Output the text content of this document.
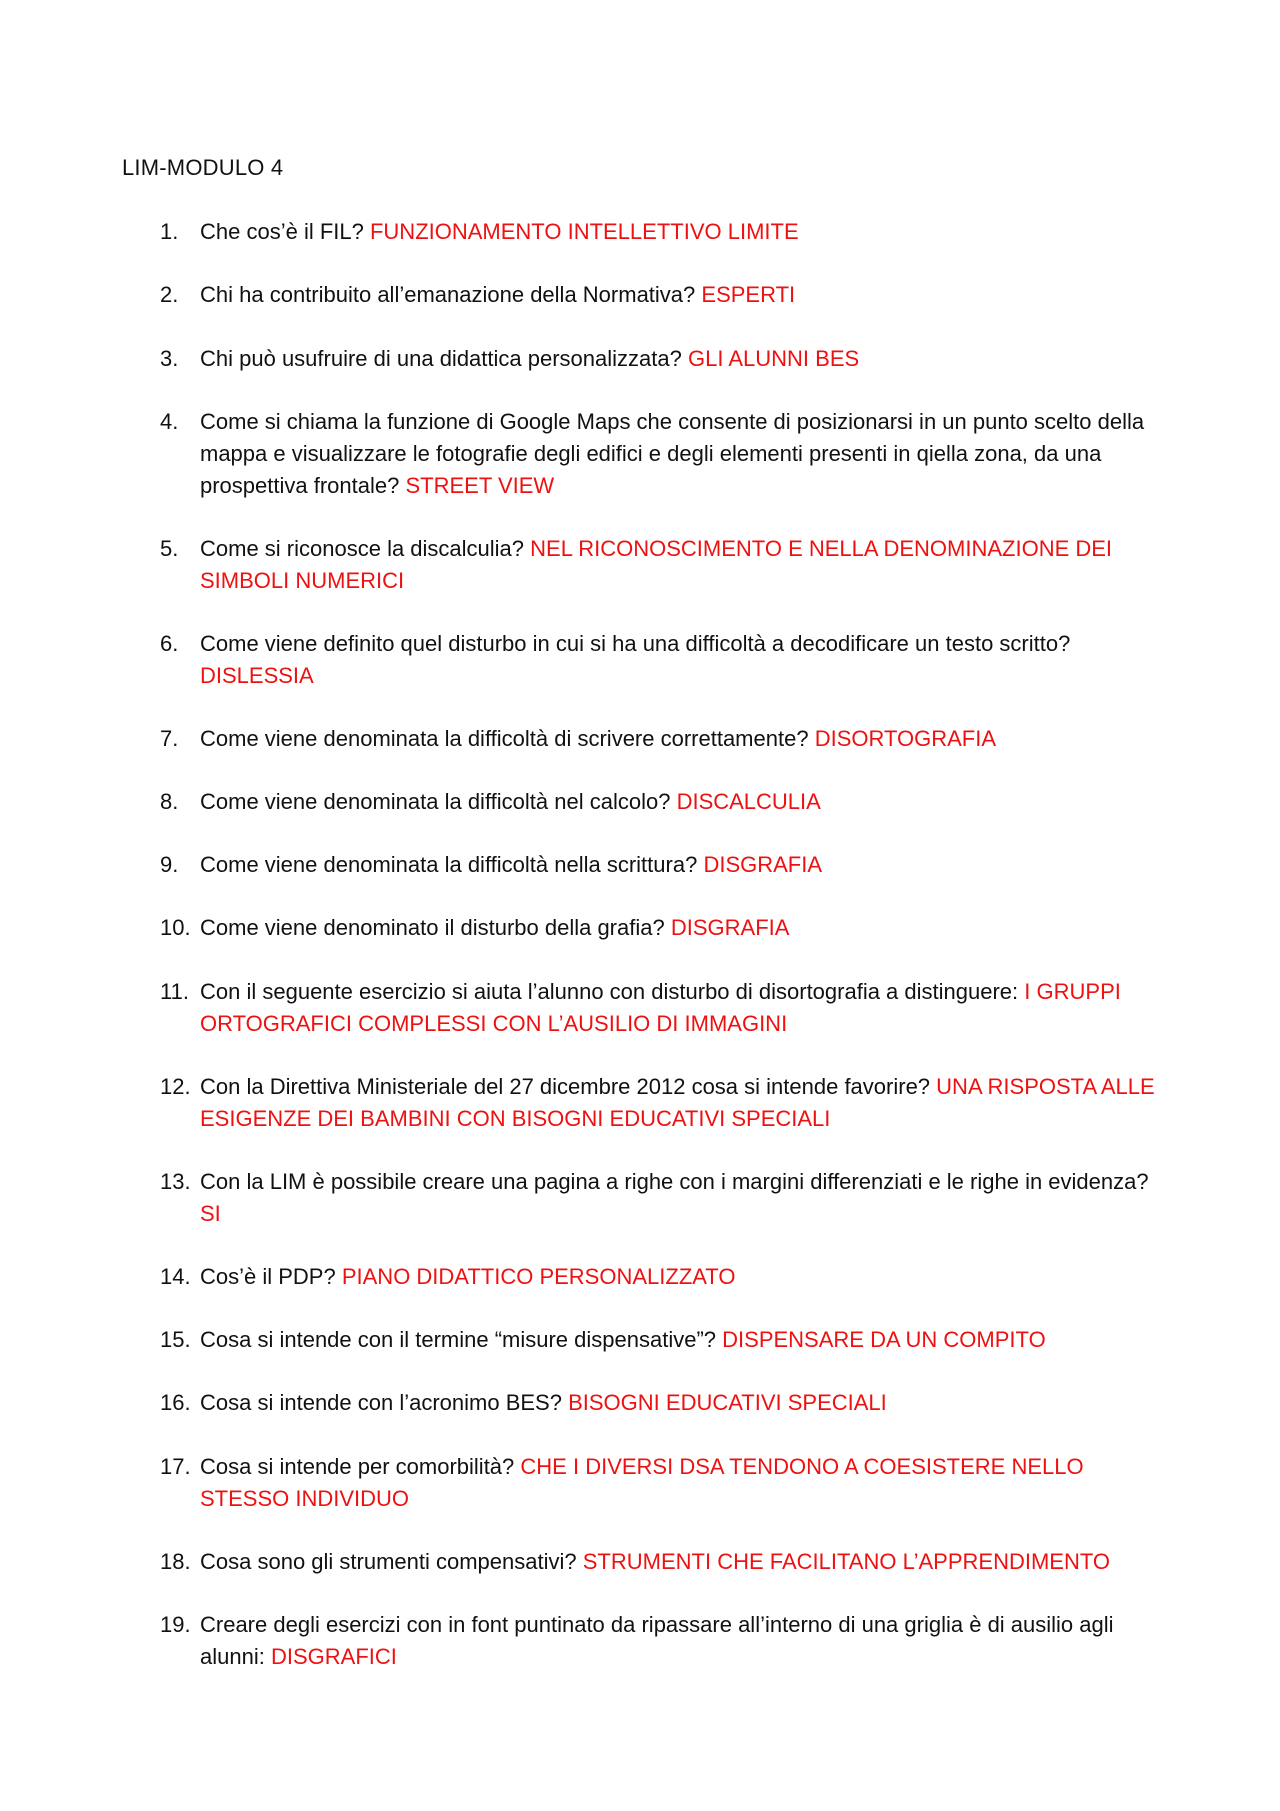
LIM-MODULO 4
1. Che cos’è il FIL? FUNZIONAMENTO INTELLETTIVO LIMITE
2. Chi ha contribuito all’emanazione della Normativa? ESPERTI
3. Chi può usufruire di una didattica personalizzata? GLI ALUNNI BES
4. Come si chiama la funzione di Google Maps che consente di posizionarsi in un punto scelto della mappa e visualizzare le fotografie degli edifici e degli elementi presenti in qiella zona, da una prospettiva frontale? STREET VIEW
5. Come si riconosce la discalculia? NEL RICONOSCIMENTO E NELLA DENOMINAZIONE DEI SIMBOLI NUMERICI
6. Come viene definito quel disturbo in cui si ha una difficoltà a decodificare un testo scritto? DISLESSIA
7. Come viene denominata la difficoltà di scrivere correttamente? DISORTOGRAFIA
8. Come viene denominata la difficoltà nel calcolo? DISCALCULIA
9. Come viene denominata la difficoltà nella scrittura? DISGRAFIA
10. Come viene denominato il disturbo della grafia? DISGRAFIA
11. Con il seguente esercizio si aiuta l’alunno con disturbo di disortografia a distinguere: I GRUPPI ORTOGRAFICI COMPLESSI CON L’AUSILIO DI IMMAGINI
12. Con la Direttiva Ministeriale del 27 dicembre 2012 cosa si intende favorire? UNA RISPOSTA ALLE ESIGENZE DEI BAMBINI CON BISOGNI EDUCATIVI SPECIALI
13. Con la LIM è possibile creare una pagina a righe con i margini differenziati e le righe in evidenza? SI
14. Cos’è il PDP? PIANO DIDATTICO PERSONALIZZATO
15. Cosa si intende con il termine “misure dispensative”? DISPENSARE DA UN COMPITO
16. Cosa si intende con l’acronimo BES? BISOGNI EDUCATIVI SPECIALI
17. Cosa si intende per comorbilità? CHE I DIVERSI DSA TENDONO A COESISTERE NELLO STESSO INDIVIDUO
18. Cosa sono gli strumenti compensativi? STRUMENTI CHE FACILITANO L’APPRENDIMENTO
19. Creare degli esercizi con in font puntinato da ripassare all’interno di una griglia è di ausilio agli alunni: DISGRAFICI
